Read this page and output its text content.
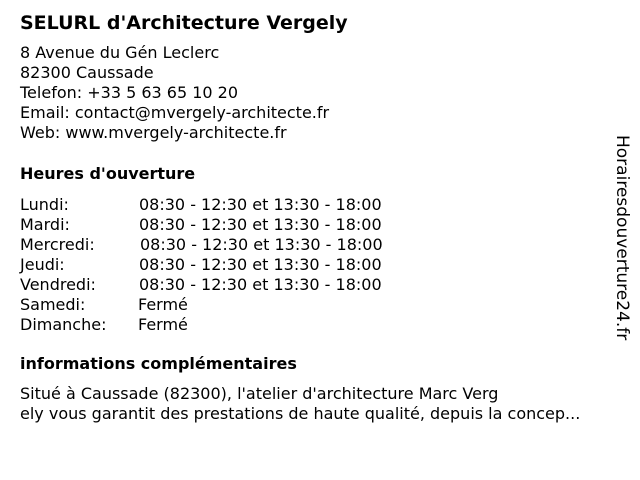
SELURL d'Architecture Vergely
8 Avenue du Gén Leclerc
82300 Caussade
Telefon: +33 5 63 65 10 20
Email: contact@mvergely-architecte.fr
Web: www.mvergely-architecte.fr
Heures d'ouverture
Lundi:	08:30 - 12:30 et 13:30 - 18:00
Mardi:	08:30 - 12:30 et 13:30 - 18:00
Mercredi:	08:30 - 12:30 et 13:30 - 18:00
Jeudi:	08:30 - 12:30 et 13:30 - 18:00
Vendredi:	08:30 - 12:30 et 13:30 - 18:00
Samedi:	Fermé
Dimanche: Fermé
informations complémentaires
Situé à Caussade (82300), l'atelier d'architecture Marc Verg
ely vous garantit des prestations de haute qualité, depuis la concep...
Horairesdouverture24.fr
